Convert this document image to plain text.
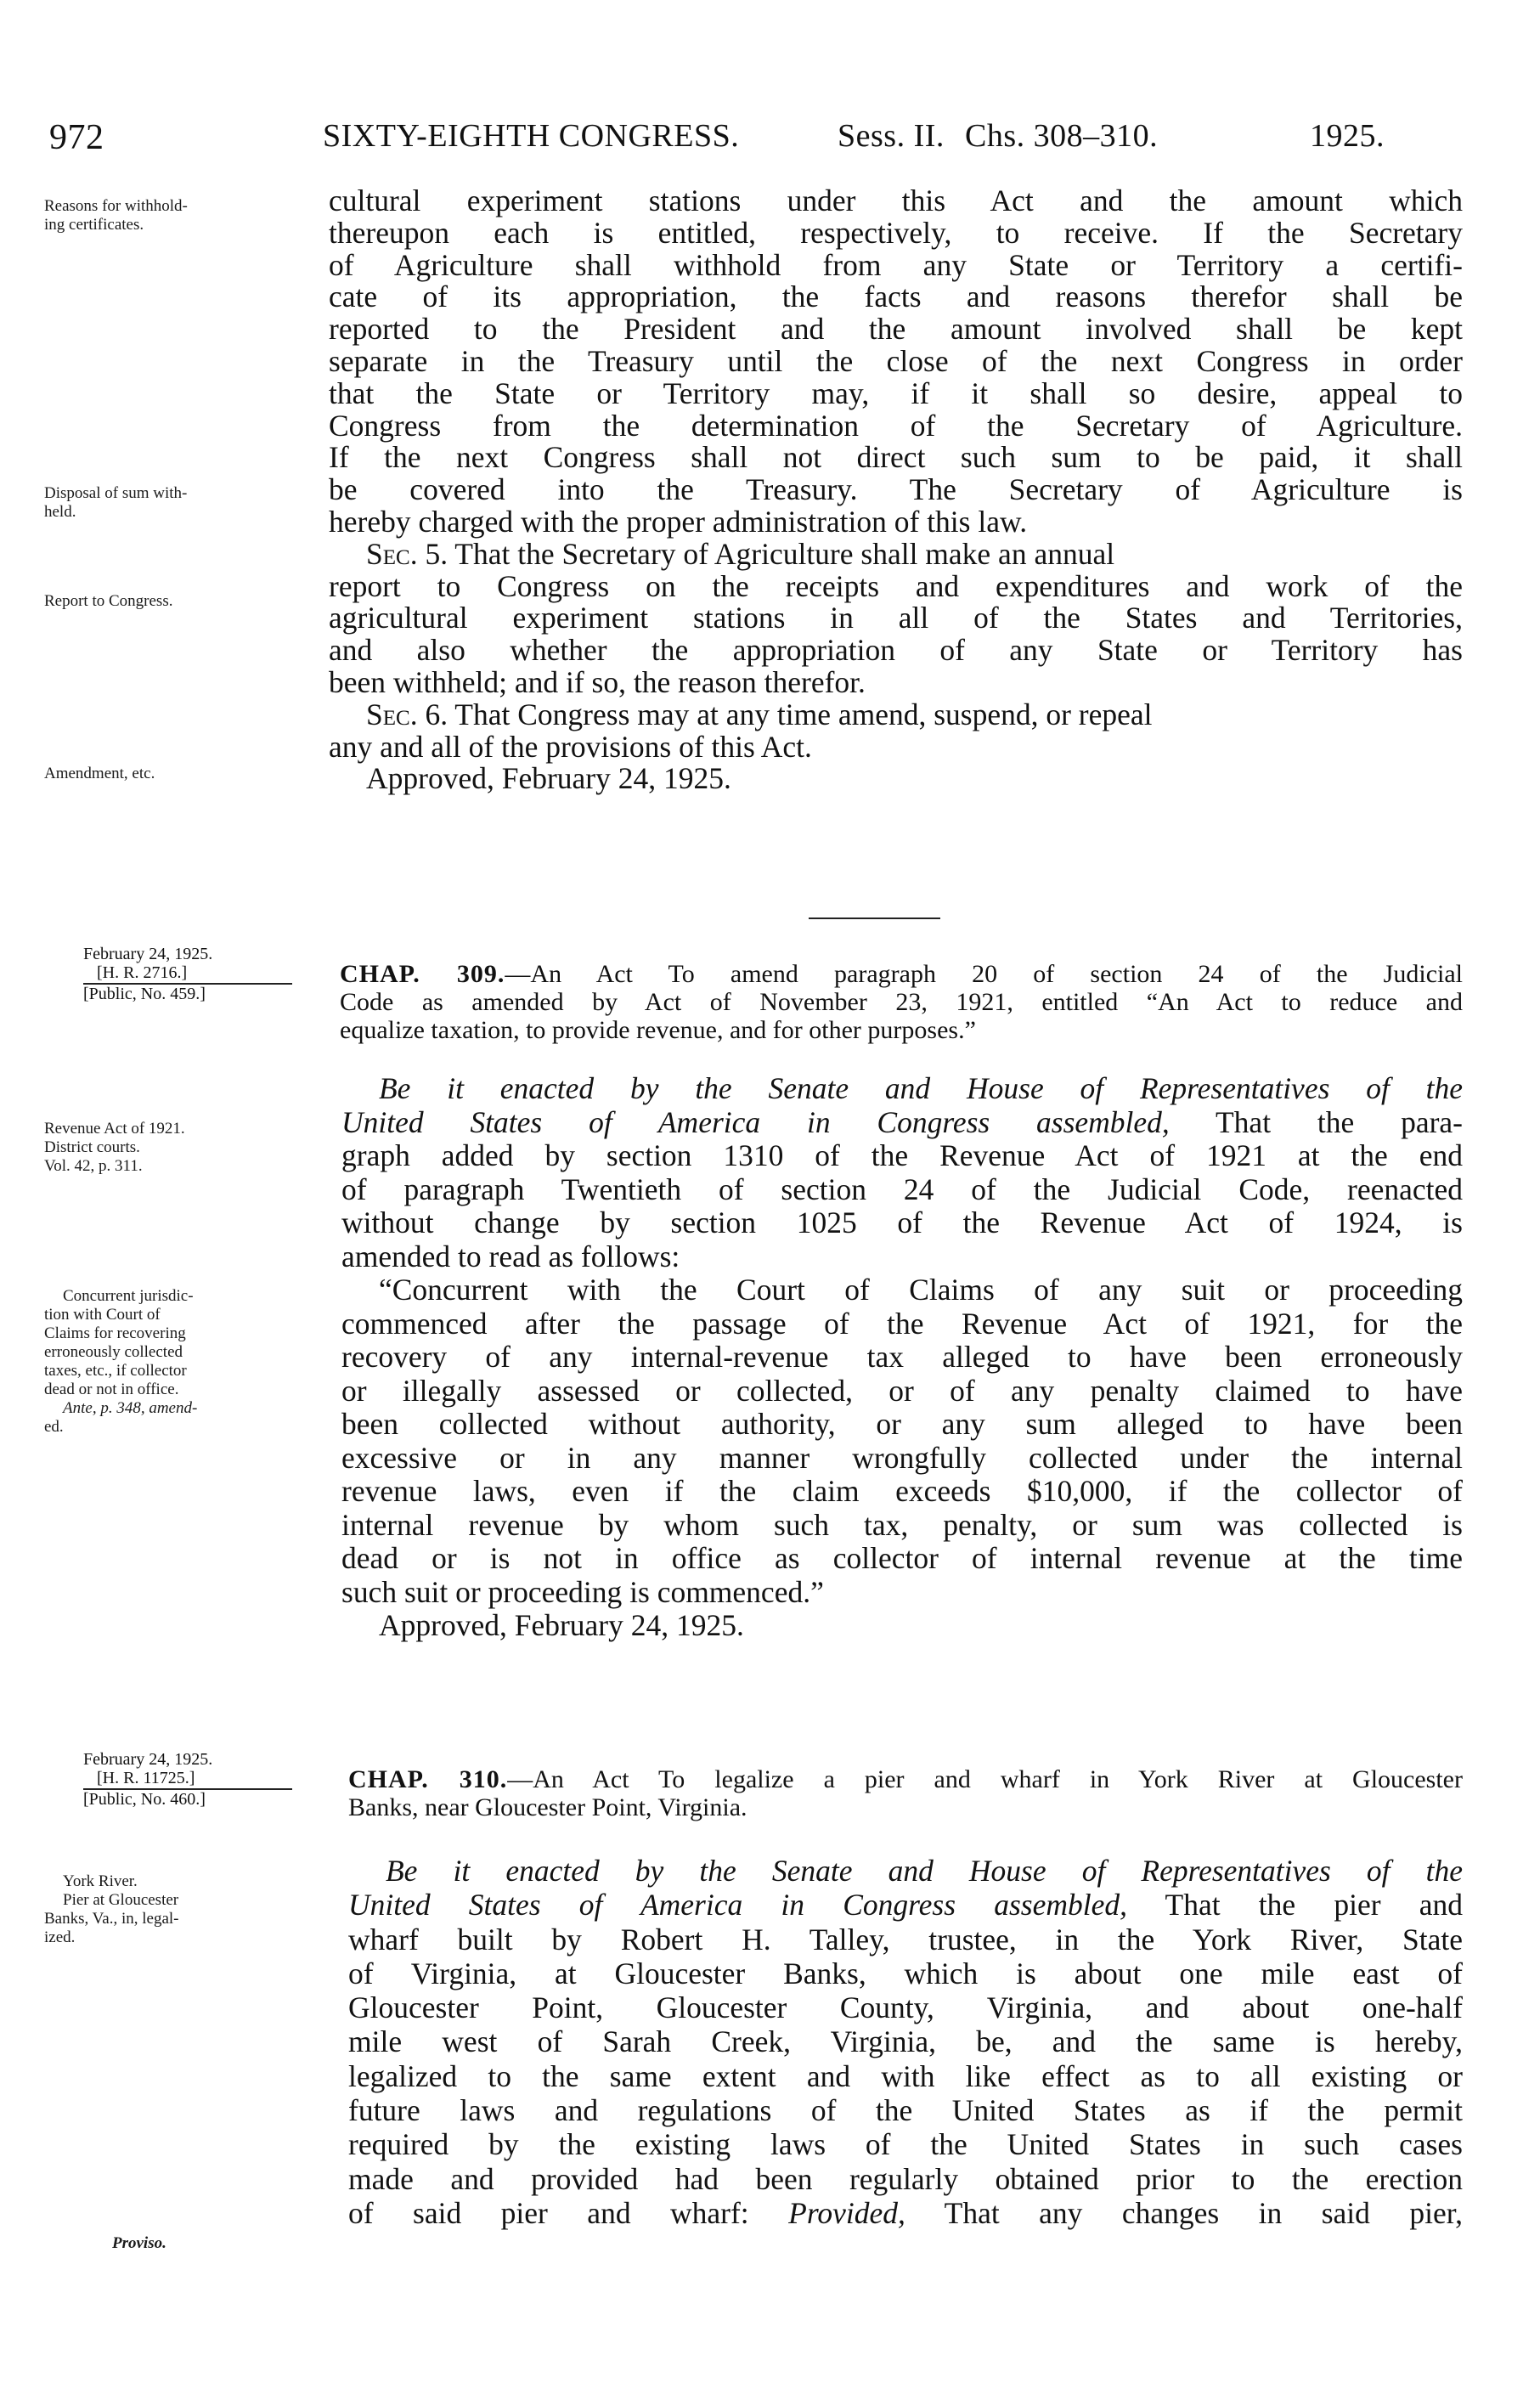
972	SIXTY-EIGHTH CONGRESS.	Sess. II. Chs. 308–310.	1925.
Reasons for withhold-
ing certificates.
Disposal of sum with-
held.
Report to Congress.
Amendment, etc.
February 24, 1925.
[H. R. 2716.]
[Public, No. 459.]
Revenue Act of 1921.
District courts.
Vol. 42, p. 311.
Concurrent jurisdic-
tion with Court of
Claims for recovering
erroneously collected
taxes, etc., if collector
dead or not in office.
Ante, p. 348, amend-
ed.
February 24, 1925.
[H. R. 11725.]
[Public, No. 460.]
York River.
Pier at Gloucester
Banks, Va., in, legal-
ized.
Proviso.
cultural experiment stations under this Act and the amount which
thereupon each is entitled, respectively, to receive. If the Secretary
of Agriculture shall withhold from any State or Territory a certifi-
cate of its appropriation, the facts and reasons therefor shall be
reported to the President and the amount involved shall be kept
separate in the Treasury until the close of the next Congress in order
that the State or Territory may, if it shall so desire, appeal to
Congress from the determination of the Secretary of Agriculture.
If the next Congress shall not direct such sum to be paid, it shall
be covered into the Treasury. The Secretary of Agriculture is
hereby charged with the proper administration of this law.
Sec. 5. That the Secretary of Agriculture shall make an annual
report to Congress on the receipts and expenditures and work of the
agricultural experiment stations in all of the States and Territories,
and also whether the appropriation of any State or Territory has
been withheld; and if so, the reason therefor.
Sec. 6. That Congress may at any time amend, suspend, or repeal
any and all of the provisions of this Act.
Approved, February 24, 1925.
CHAP. 309.—An Act To amend paragraph 20 of section 24 of the Judicial
Code as amended by Act of November 23, 1921, entitled “An Act to reduce and
equalize taxation, to provide revenue, and for other purposes.”
Be it enacted by the Senate and House of Representatives of the
United States of America in Congress assembled, That the para-
graph added by section 1310 of the Revenue Act of 1921 at the end
of paragraph Twentieth of section 24 of the Judicial Code, reenacted
without change by section 1025 of the Revenue Act of 1924, is
amended to read as follows:
“Concurrent with the Court of Claims of any suit or proceeding
commenced after the passage of the Revenue Act of 1921, for the
recovery of any internal-revenue tax alleged to have been erroneously
or illegally assessed or collected, or of any penalty claimed to have
been collected without authority, or any sum alleged to have been
excessive or in any manner wrongfully collected under the internal
revenue laws, even if the claim exceeds $10,000, if the collector of
internal revenue by whom such tax, penalty, or sum was collected is
dead or is not in office as collector of internal revenue at the time
such suit or proceeding is commenced.”
Approved, February 24, 1925.
CHAP. 310.—An Act To legalize a pier and wharf in York River at Gloucester
Banks, near Gloucester Point, Virginia.
Be it enacted by the Senate and House of Representatives of the
United States of America in Congress assembled, That the pier and
wharf built by Robert H. Talley, trustee, in the York River, State
of Virginia, at Gloucester Banks, which is about one mile east of
Gloucester Point, Gloucester County, Virginia, and about one-half
mile west of Sarah Creek, Virginia, be, and the same is hereby,
legalized to the same extent and with like effect as to all existing or
future laws and regulations of the United States as if the permit
required by the existing laws of the United States in such cases
made and provided had been regularly obtained prior to the erection
of said pier and wharf: Provided, That any changes in said pier,
